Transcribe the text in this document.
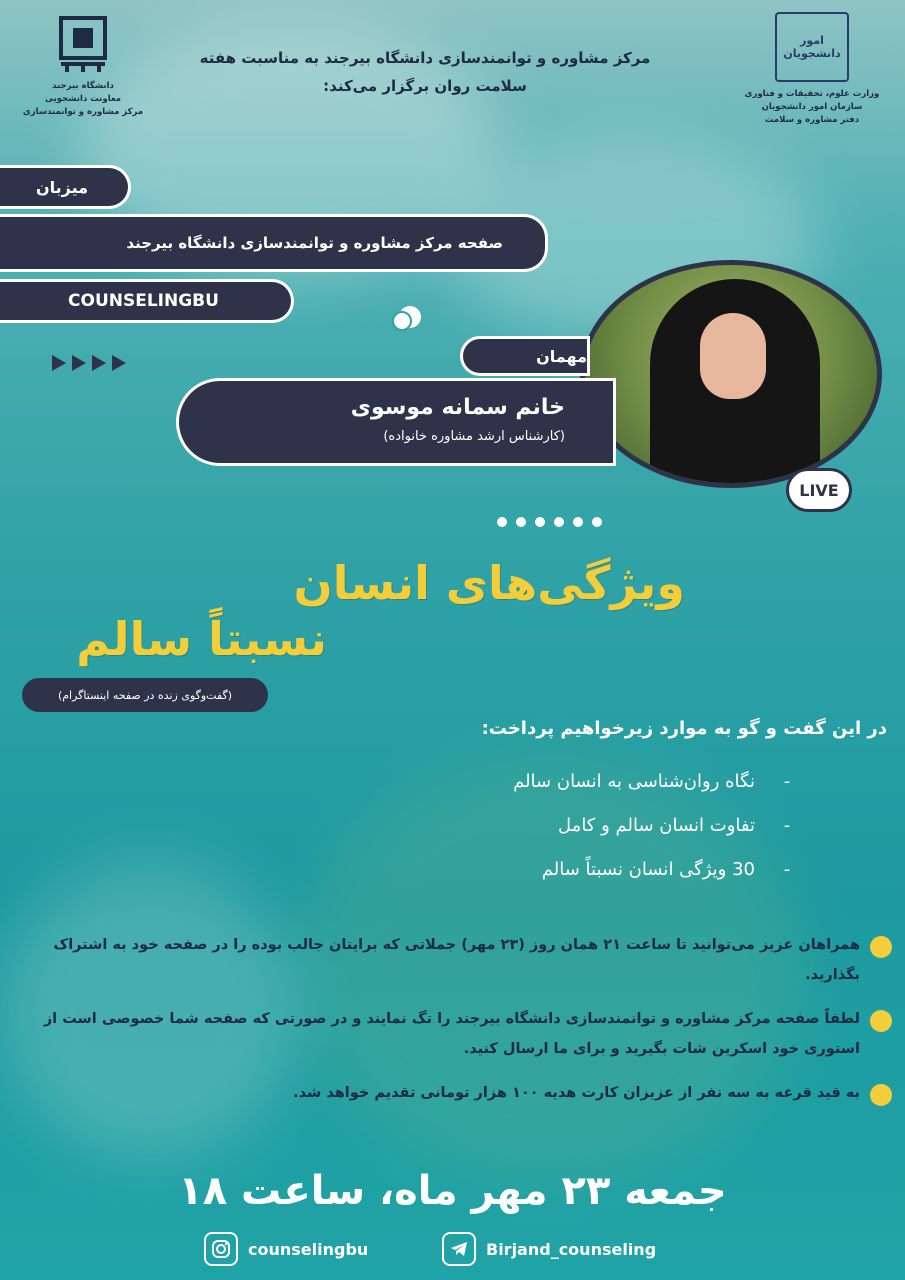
دانشگاه بیرجند
معاونت دانشجویی
مرکز مشاوره و توانمندسازی
مرکز مشاوره و توانمندسازی دانشگاه بیرجند به مناسبت هفته
سلامت روان برگزار می‌کند:
امور دانشجویان
وزارت علوم، تحقیقات و فناوری
سازمان امور دانشجویان
دفتر مشاوره و سلامت
میزبان
صفحه مرکز مشاوره و توانمندسازی دانشگاه بیرجند
COUNSELINGBU
مهمان
خانم سمانه موسوی
(کارشناس ارشد مشاوره خانواده)
LIVE
ویژگی‌های انسان
نسبتاً سالم
(گفت‌وگوی زنده در صفحه اینستاگرام)
در این گفت و گو به موارد زیرخواهیم پرداخت:
-
نگاه روان‌شناسی به انسان سالم
-
تفاوت انسان سالم و کامل
-
30 ویژگی انسان نسبتاً سالم
همراهان عزیز می‌توانید تا ساعت ۲۱ همان روز (۲۳ مهر) جملاتی که برایتان جالب بوده را در صفحه خود به اشتراک بگذارید.
لطفاً صفحه مرکز مشاوره و توانمندسازی دانشگاه بیرجند را تگ نمایند و در صورتی که صفحه شما خصوصی است از استوری خود اسکرین شات بگیرید و برای ما ارسال کنید.
به قید قرعه به سه نفر از عزیزان کارت هدیه ۱۰۰ هزار تومانی تقدیم خواهد شد.
جمعه ۲۳ مهر ماه، ساعت ۱۸
counselingbu	Birjand_counseling
